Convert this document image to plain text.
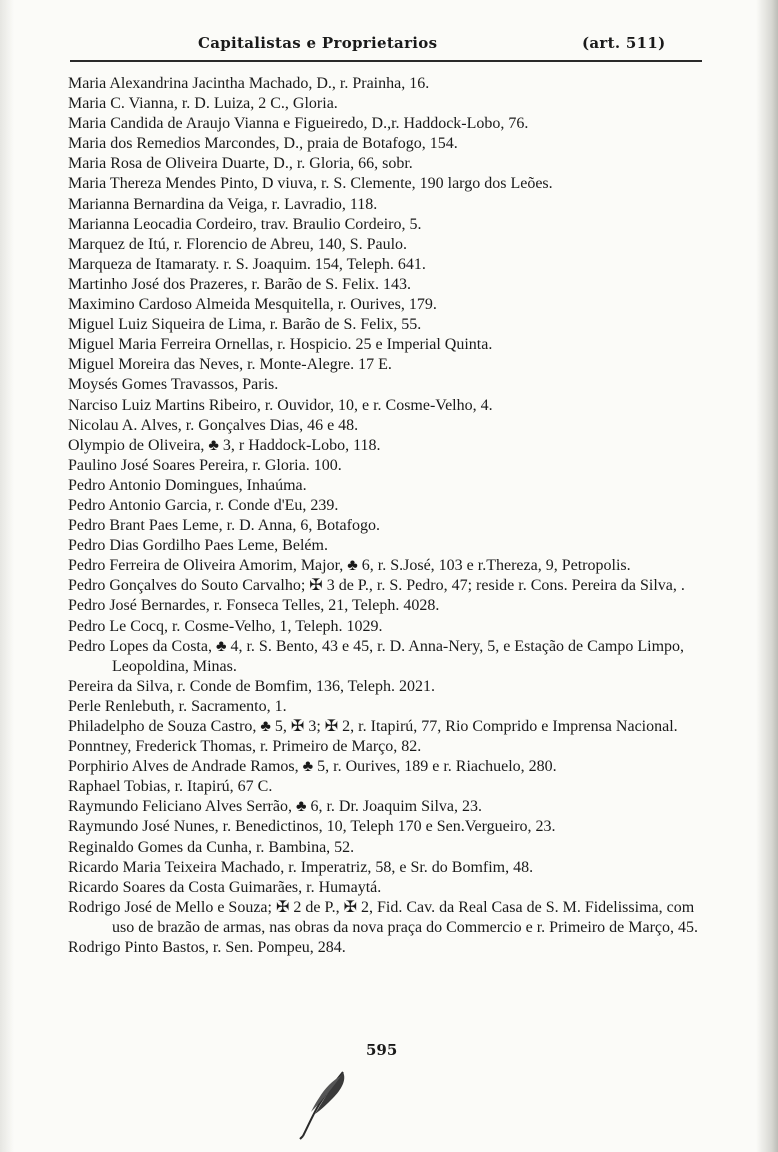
Capitalistas e Proprietarios	(art. 511)
Maria Alexandrina Jacintha Machado, D., r. Prainha, 16.
Maria C. Vianna, r. D. Luiza, 2 C., Gloria.
Maria Candida de Araujo Vianna e Figueiredo, D.,r. Haddock-Lobo, 76.
Maria dos Remedios Marcondes, D., praia de Botafogo, 154.
Maria Rosa de Oliveira Duarte, D., r. Gloria, 66, sobr.
Maria Thereza Mendes Pinto, D viuva, r. S. Clemente, 190 largo dos Leões.
Marianna Bernardina da Veiga, r. Lavradio, 118.
Marianna Leocadia Cordeiro, trav. Braulio Cordeiro, 5.
Marquez de Itú, r. Florencio de Abreu, 140, S. Paulo.
Marqueza de Itamaraty. r. S. Joaquim. 154, Teleph. 641.
Martinho José dos Prazeres, r. Barão de S. Felix. 143.
Maximino Cardoso Almeida Mesquitella, r. Ourives, 179.
Miguel Luiz Siqueira de Lima, r. Barão de S. Felix, 55.
Miguel Maria Ferreira Ornellas, r. Hospicio. 25 e Imperial Quinta.
Miguel Moreira das Neves, r. Monte-Alegre. 17 E.
Moysés Gomes Travassos, Paris.
Narciso Luiz Martins Ribeiro, r. Ouvidor, 10, e r. Cosme-Velho, 4.
Nicolau A. Alves, r. Gonçalves Dias, 46 e 48.
Olympio de Oliveira, ♣ 3, r Haddock-Lobo, 118.
Paulino José Soares Pereira, r. Gloria. 100.
Pedro Antonio Domingues, Inhaúma.
Pedro Antonio Garcia, r. Conde d'Eu, 239.
Pedro Brant Paes Leme, r. D. Anna, 6, Botafogo.
Pedro Dias Gordilho Paes Leme, Belém.
Pedro Ferreira de Oliveira Amorim, Major, ♣ 6, r. S.José, 103 e r.Thereza, 9, Petropolis.
Pedro Gonçalves do Souto Carvalho; ✠ 3 de P., r. S. Pedro, 47; reside r. Cons. Pereira da Silva, .
Pedro José Bernardes, r. Fonseca Telles, 21, Teleph. 4028.
Pedro Le Cocq, r. Cosme-Velho, 1, Teleph. 1029.
Pedro Lopes da Costa, ♣ 4, r. S. Bento, 43 e 45, r. D. Anna-Nery, 5, e Estação de Campo Limpo, Leopoldina, Minas.
Pereira da Silva, r. Conde de Bomfim, 136, Teleph. 2021.
Perle Renlebuth, r. Sacramento, 1.
Philadelpho de Souza Castro, ♣ 5, ✠ 3; ✠ 2, r. Itapirú, 77, Rio Comprido e Imprensa Nacional.
Ponntney, Frederick Thomas, r. Primeiro de Março, 82.
Porphirio Alves de Andrade Ramos, ♣ 5, r. Ourives, 189 e r. Riachuelo, 280.
Raphael Tobias, r. Itapirú, 67 C.
Raymundo Feliciano Alves Serrão, ♣ 6, r. Dr. Joaquim Silva, 23.
Raymundo José Nunes, r. Benedictinos, 10, Teleph 170 e Sen.Vergueiro, 23.
Reginaldo Gomes da Cunha, r. Bambina, 52.
Ricardo Maria Teixeira Machado, r. Imperatriz, 58, e Sr. do Bomfim, 48.
Ricardo Soares da Costa Guimarães, r. Humaytá.
Rodrigo José de Mello e Souza; ✠ 2 de P., ✠ 2, Fid. Cav. da Real Casa de S. M. Fidelissima, com uso de brazão de armas, nas obras da nova praça do Commercio e r. Primeiro de Março, 45.
Rodrigo Pinto Bastos, r. Sen. Pompeu, 284.
595
